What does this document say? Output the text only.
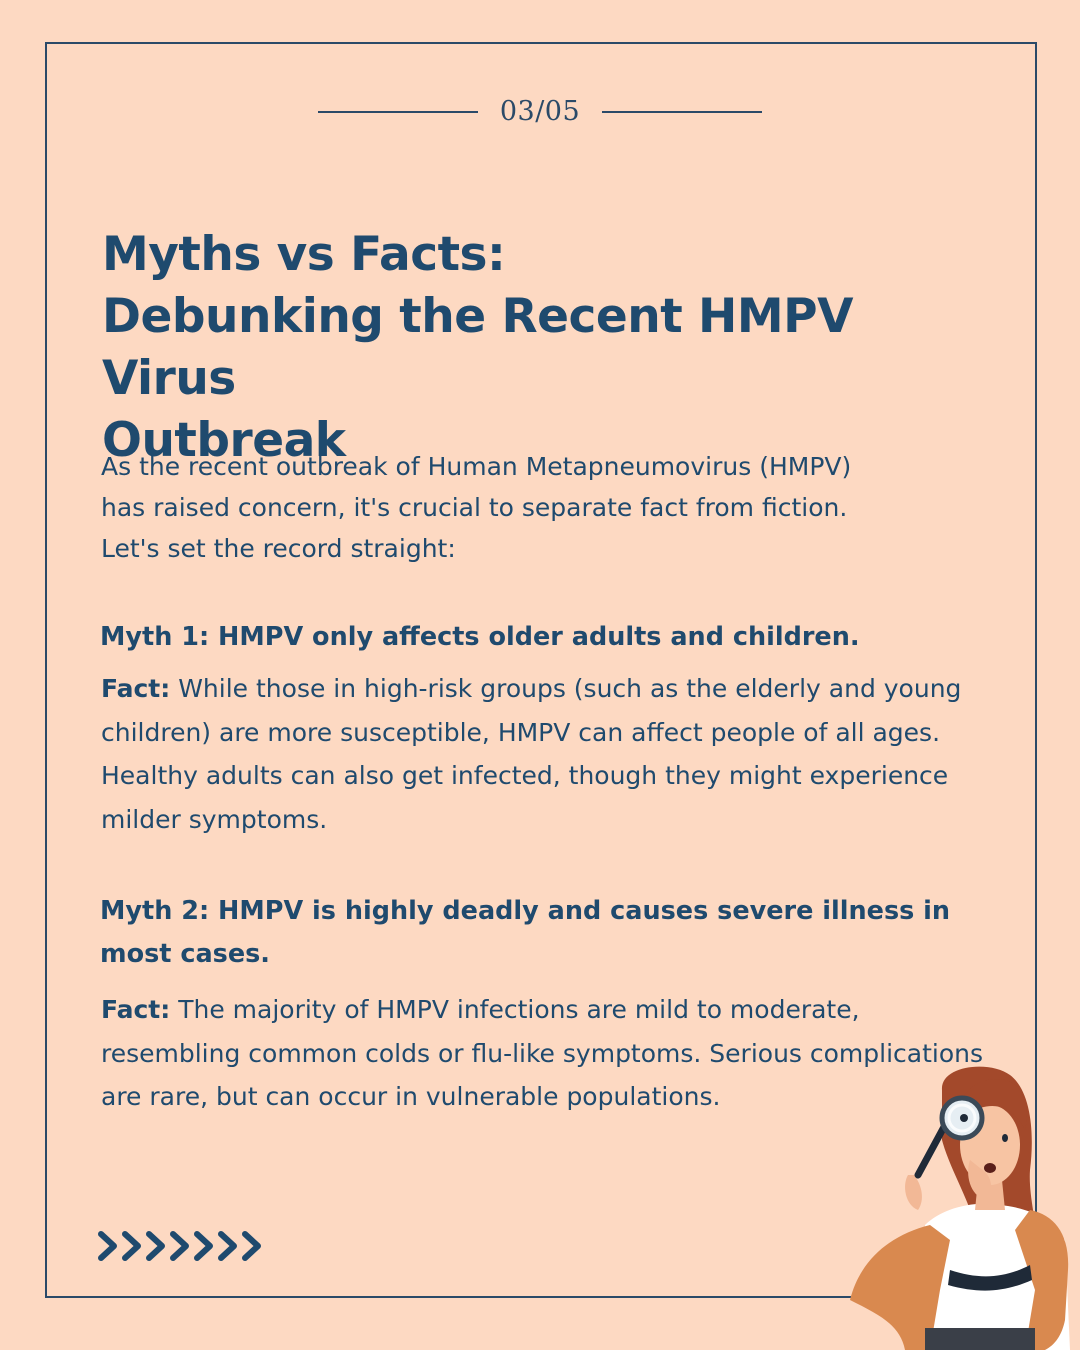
03/05
Myths vs Facts:
Debunking the Recent HMPV Virus
Outbreak

As the recent outbreak of Human Metapneumovirus (HMPV) has raised concern, it's crucial to separate fact from fiction. Let's set the record straight:

Myth 1: HMPV only affects older adults and children.

Fact: While those in high-risk groups (such as the elderly and young children) are more susceptible, HMPV can affect people of all ages. Healthy adults can also get infected, though they might experience milder symptoms.

Myth 2: HMPV is highly deadly and causes severe illness in most cases.

Fact: The majority of HMPV infections are mild to moderate, resembling common colds or flu-like symptoms. Serious complications are rare, but can occur in vulnerable populations.
